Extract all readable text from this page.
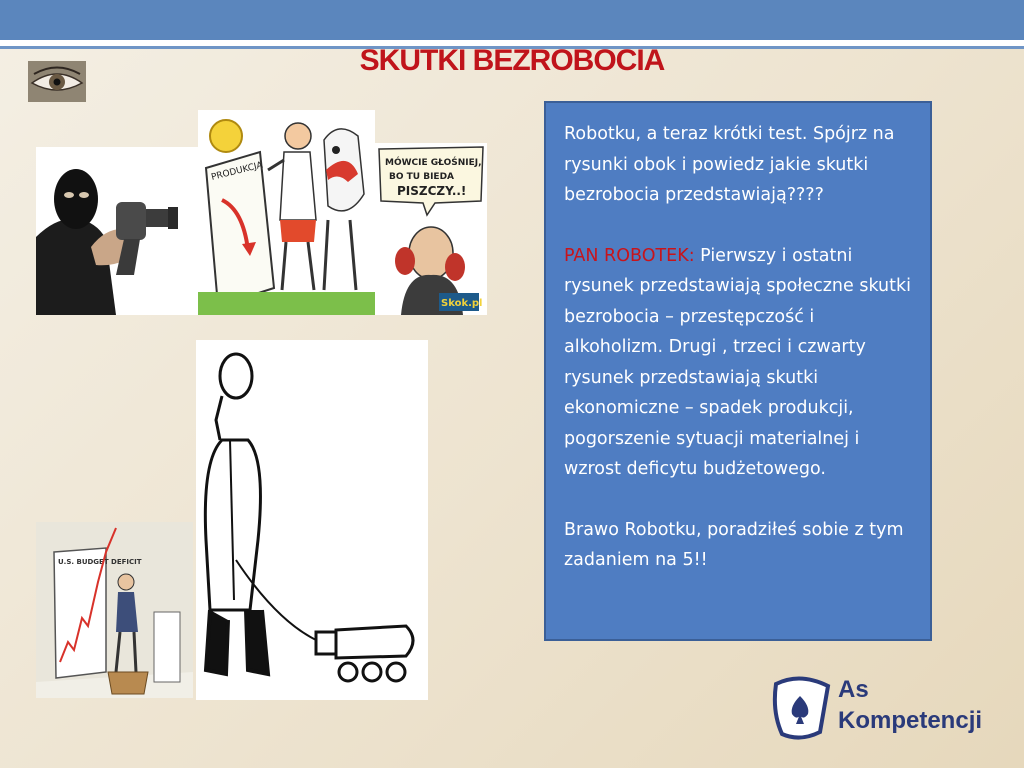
SKUTKI BEZROBOCIA
PRODUKCJA	MÓWCIE GŁOŚNIEJ, BO TU BIEDA PISZCZY..!
Skok.pl
U.S. BUDGET DEFICIT

Robotku, a teraz krótki test. Spójrz na rysunki obok i powiedz jakie skutki bezrobocia przedstawiają????

PAN ROBOTEK: Pierwszy i ostatni rysunek przedstawiają społeczne skutki bezrobocia – przestępczość i alkoholizm. Drugi , trzeci i czwarty rysunek przedstawiają skutki ekonomiczne – spadek produkcji, pogorszenie sytuacji materialnej i wzrost deficytu budżetowego.

Brawo Robotku, poradziłeś sobie z tym zadaniem na 5!!

As
Kompetencji
